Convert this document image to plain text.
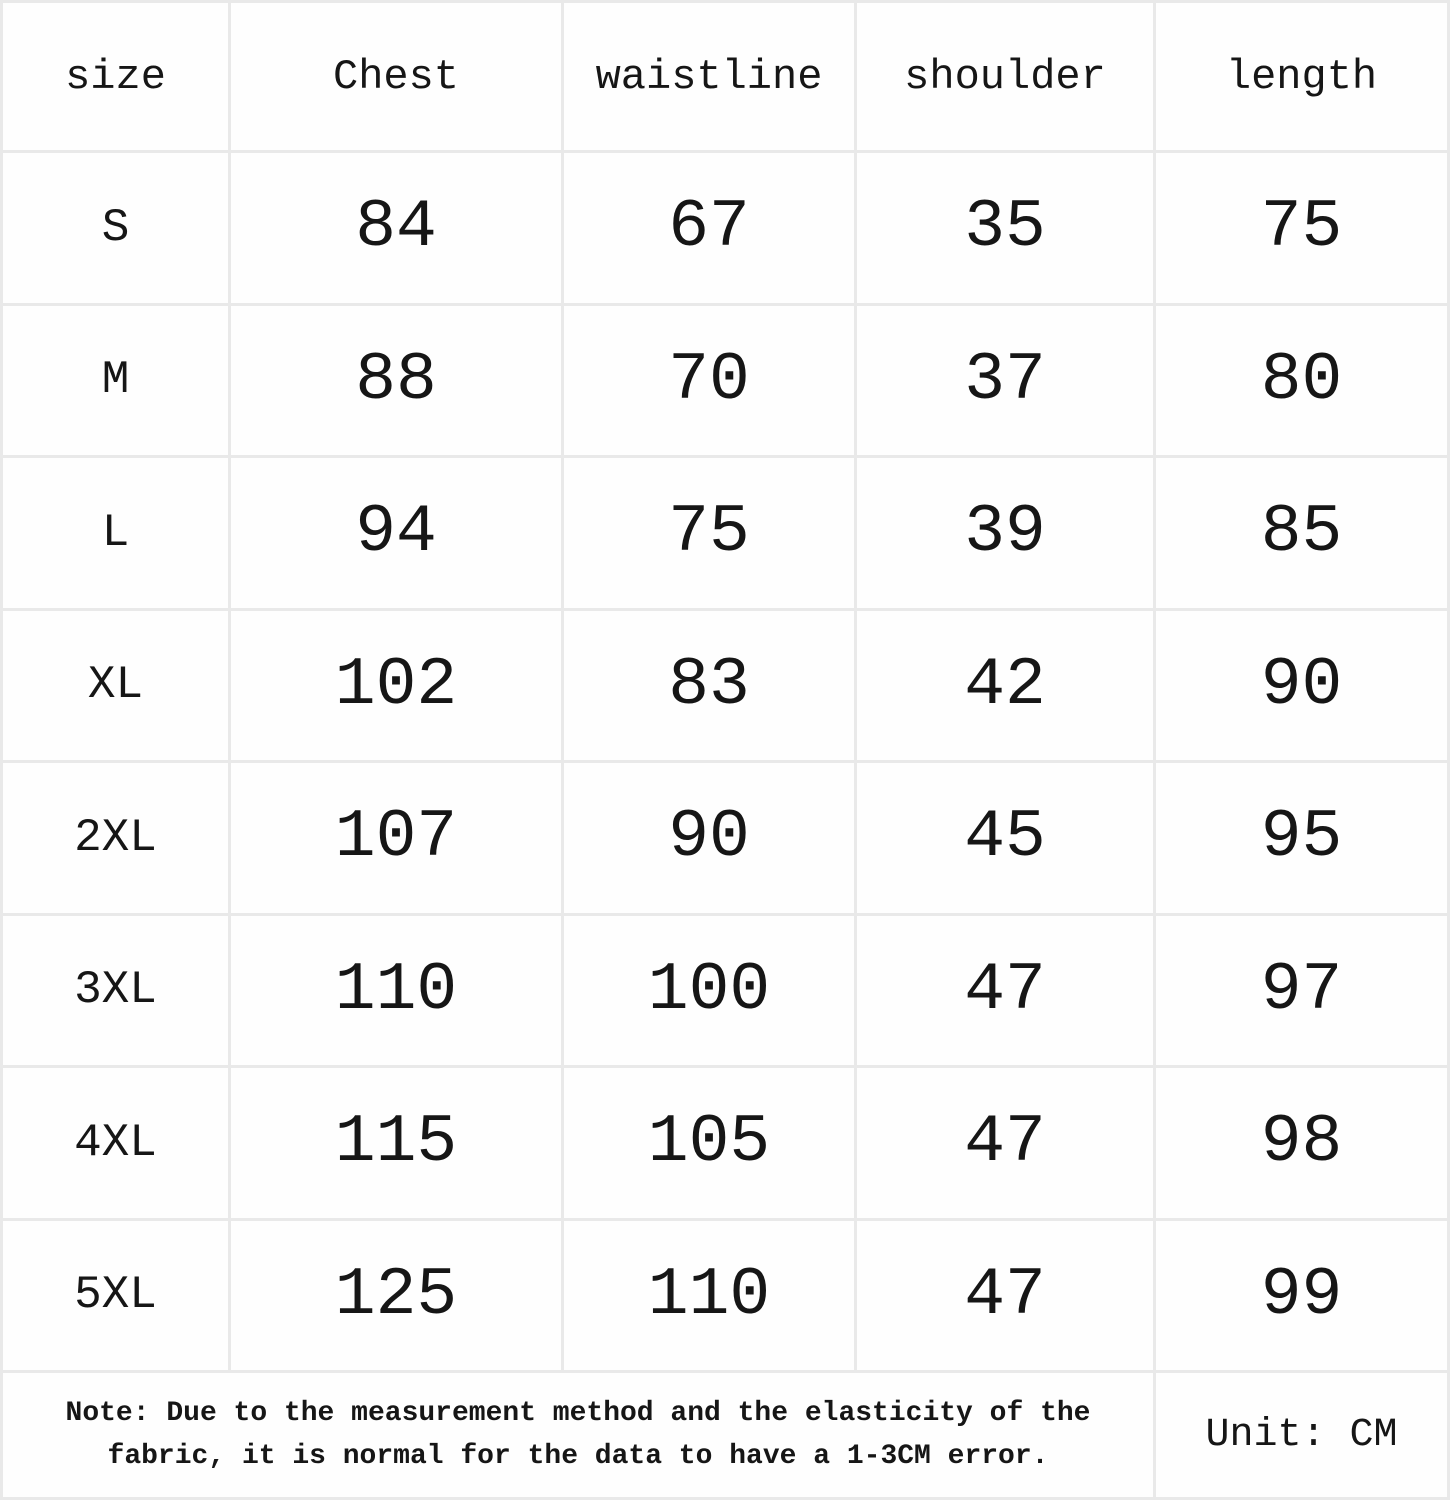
size	Chest	waistline	shoulder	length
S	84	67	35	75
M	88	70	37	80
L	94	75	39	85
XL	102	83	42	90
2XL	107	90	45	95
3XL	110	100	47	97
4XL	115	105	47	98
5XL	125	110	47	99
Note: Due to the measurement method and the elasticity of the fabric, it is normal for the data to have a 1-3CM error.	Unit: CM
